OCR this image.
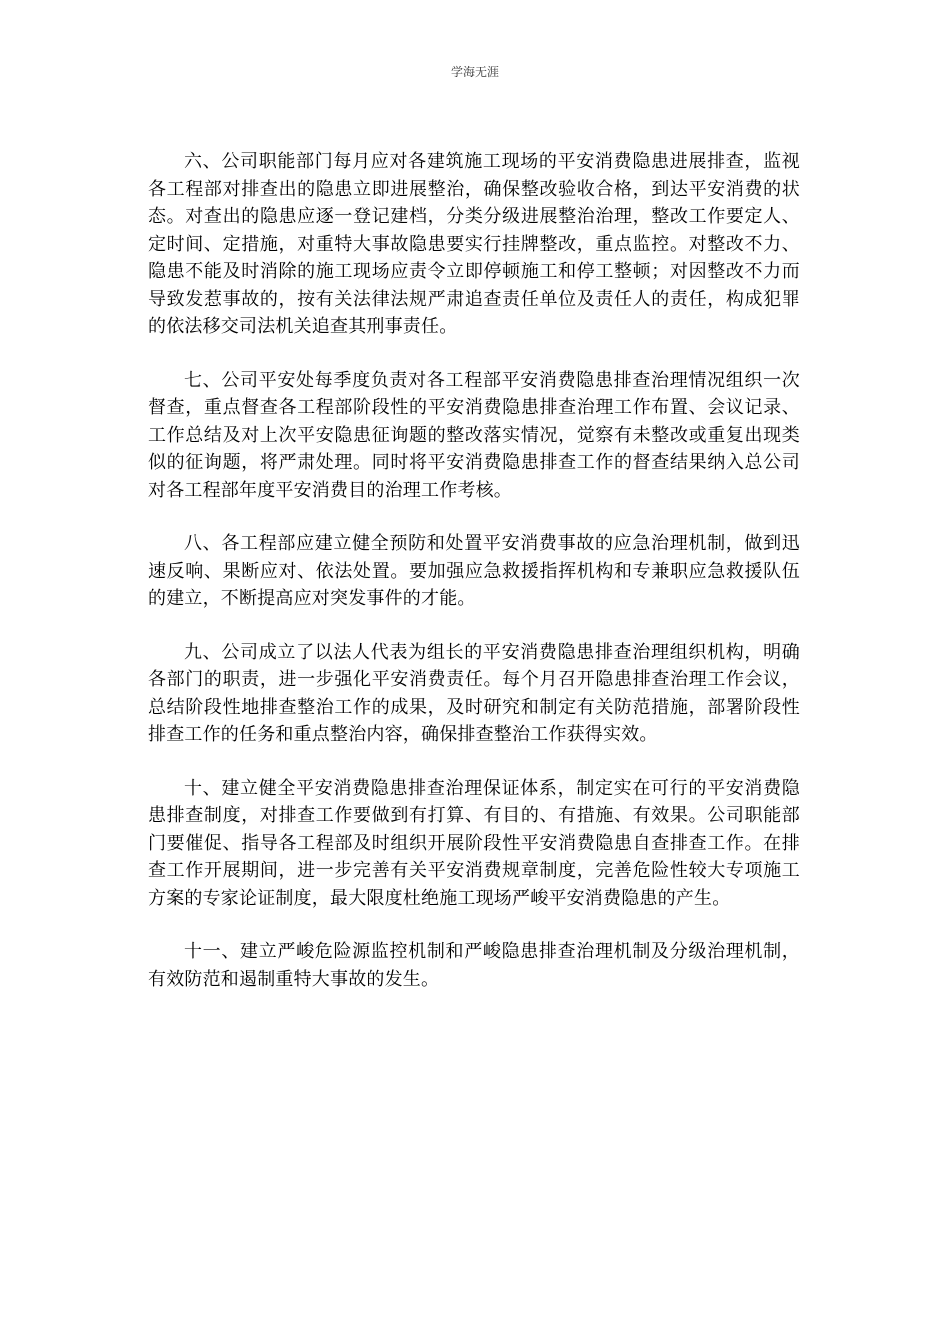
学海无涯

六、公司职能部门每月应对各建筑施工现场的平安消费隐患进展排查，监视各工程部对排查出的隐患立即进展整治，确保整改验收合格，到达平安消费的状态。对查出的隐患应逐一登记建档，分类分级进展整治治理，整改工作要定人、定时间、定措施，对重特大事故隐患要实行挂牌整改，重点监控。对整改不力、隐患不能及时消除的施工现场应责令立即停顿施工和停工整顿；对因整改不力而导致发惹事故的，按有关法律法规严肃追查责任单位及责任人的责任，构成犯罪的依法移交司法机关追查其刑事责任。

七、公司平安处每季度负责对各工程部平安消费隐患排查治理情况组织一次督查，重点督查各工程部阶段性的平安消费隐患排查治理工作布置、会议记录、工作总结及对上次平安隐患征询题的整改落实情况，觉察有未整改或重复出现类似的征询题，将严肃处理。同时将平安消费隐患排查工作的督查结果纳入总公司对各工程部年度平安消费目的治理工作考核。

八、各工程部应建立健全预防和处置平安消费事故的应急治理机制，做到迅速反响、果断应对、依法处置。要加强应急救援指挥机构和专兼职应急救援队伍的建立，不断提高应对突发事件的才能。

九、公司成立了以法人代表为组长的平安消费隐患排查治理组织机构，明确各部门的职责，进一步强化平安消费责任。每个月召开隐患排查治理工作会议，总结阶段性地排查整治工作的成果，及时研究和制定有关防范措施，部署阶段性排查工作的任务和重点整治内容，确保排查整治工作获得实效。

十、建立健全平安消费隐患排查治理保证体系，制定实在可行的平安消费隐患排查制度，对排查工作要做到有打算、有目的、有措施、有效果。公司职能部门要催促、指导各工程部及时组织开展阶段性平安消费隐患自查排查工作。在排查工作开展期间，进一步完善有关平安消费规章制度，完善危险性较大专项施工方案的专家论证制度，最大限度杜绝施工现场严峻平安消费隐患的产生。

十一、建立严峻危险源监控机制和严峻隐患排查治理机制及分级治理机制，有效防范和遏制重特大事故的发生。
